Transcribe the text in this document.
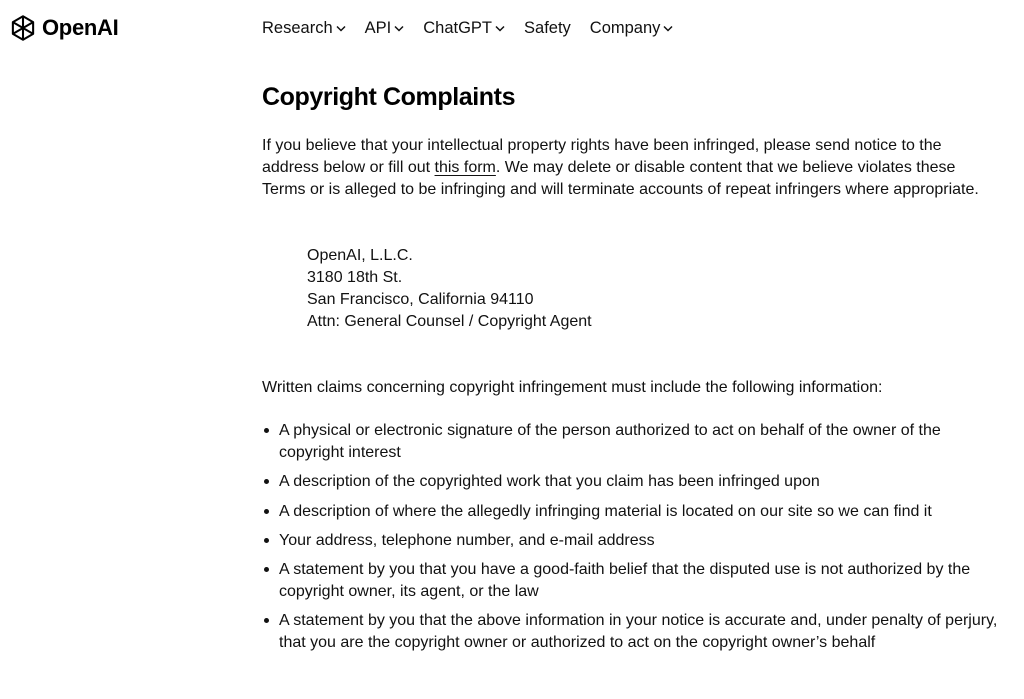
OpenAI	Research API ChatGPT Safety Company
Copyright Complaints

If you believe that your intellectual property rights have been infringed, please send notice to the address below or fill out this form. We may delete or disable content that we believe violates these Terms or is alleged to be infringing and will terminate accounts of repeat infringers where appropriate.

OpenAI, L.L.C.
3180 18th St.
San Francisco, California 94110
Attn: General Counsel / Copyright Agent

Written claims concerning copyright infringement must include the following information:

A physical or electronic signature of the person authorized to act on behalf of the owner of the copyright interest
A description of the copyrighted work that you claim has been infringed upon
A description of where the allegedly infringing material is located on our site so we can find it
Your address, telephone number, and e-mail address
A statement by you that you have a good-faith belief that the disputed use is not authorized by the copyright owner, its agent, or the law
A statement by you that the above information in your notice is accurate and, under penalty of perjury, that you are the copyright owner or authorized to act on the copyright owner’s behalf
